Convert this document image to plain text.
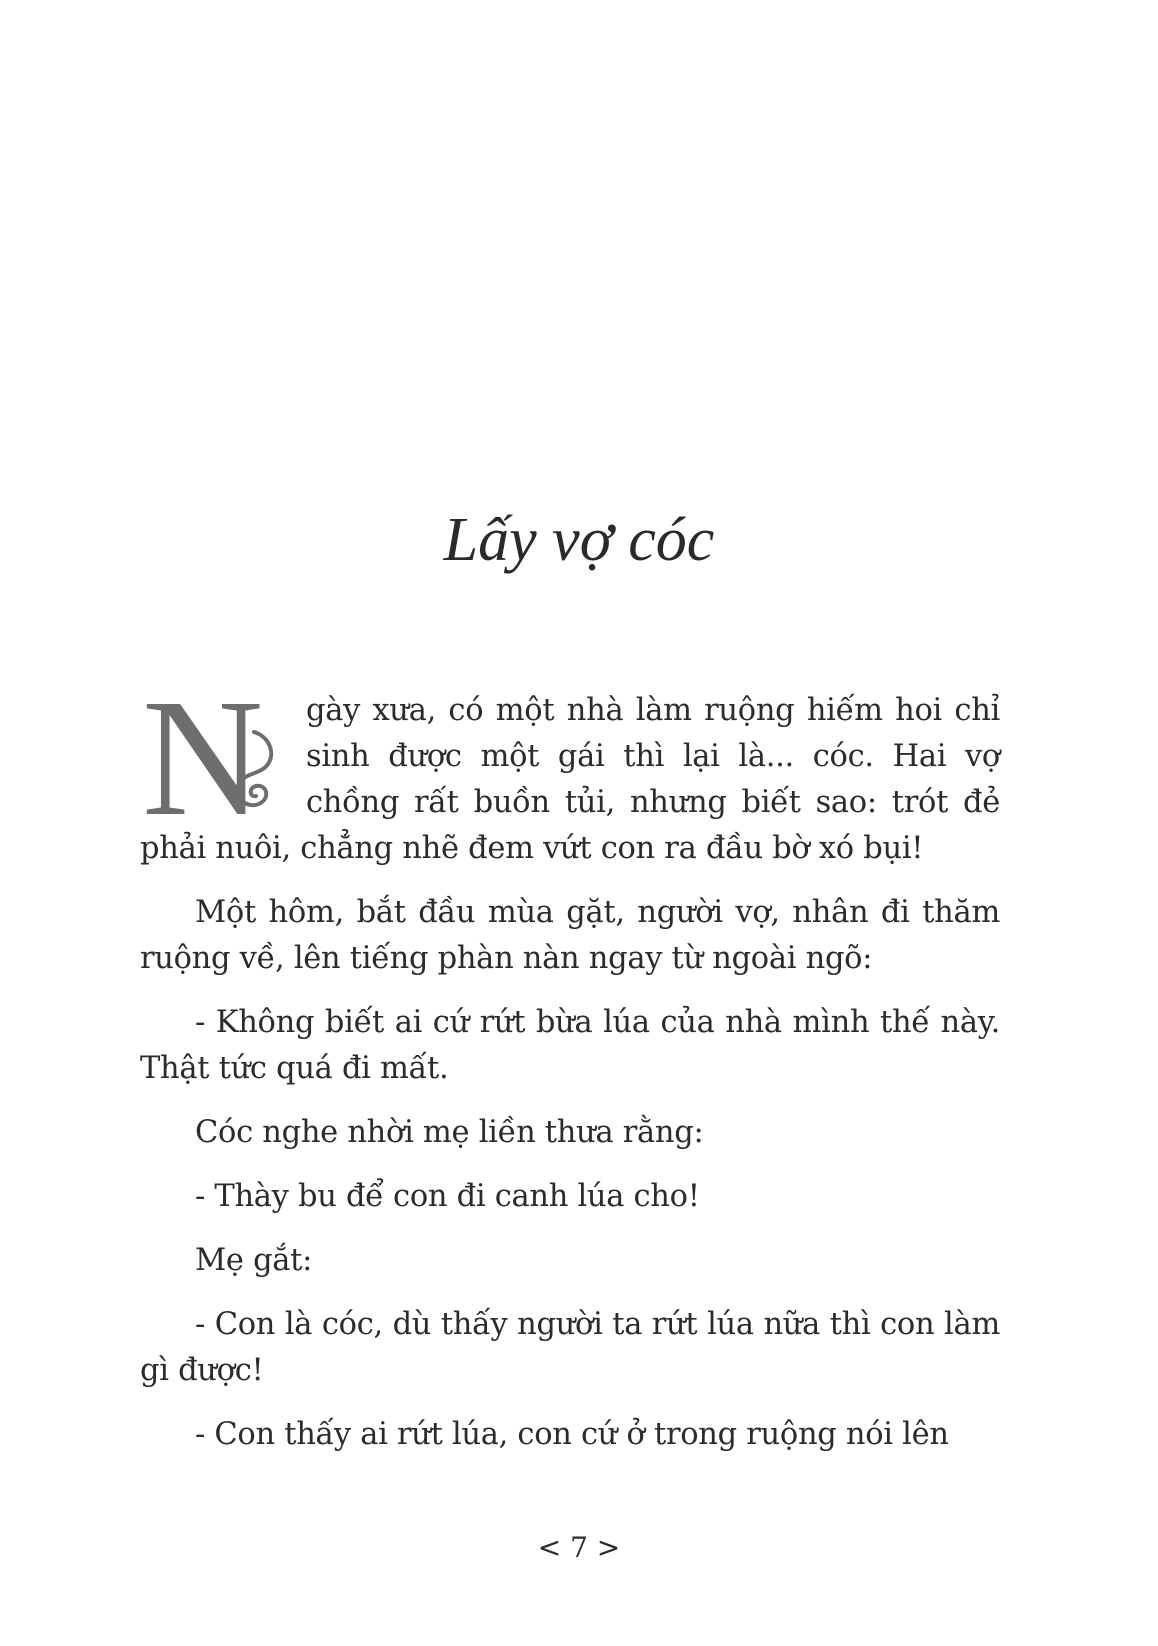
Lấy vợ cóc

N gày xưa, có một nhà làm ruộng hiếm hoi chỉ sinh được một gái thì lại là... cóc. Hai vợ chồng rất buồn tủi, nhưng biết sao: trót đẻ phải nuôi, chẳng nhẽ đem vứt con ra đầu bờ xó bụi!

Một hôm, bắt đầu mùa gặt, người vợ, nhân đi thăm ruộng về, lên tiếng phàn nàn ngay từ ngoài ngõ:

- Không biết ai cứ rứt bừa lúa của nhà mình thế này. Thật tức quá đi mất.

Cóc nghe nhời mẹ liền thưa rằng:

- Thày bu để con đi canh lúa cho!

Mẹ gắt:

- Con là cóc, dù thấy người ta rứt lúa nữa thì con làm gì được!

- Con thấy ai rứt lúa, con cứ ở trong ruộng nói lên

< 7 >
